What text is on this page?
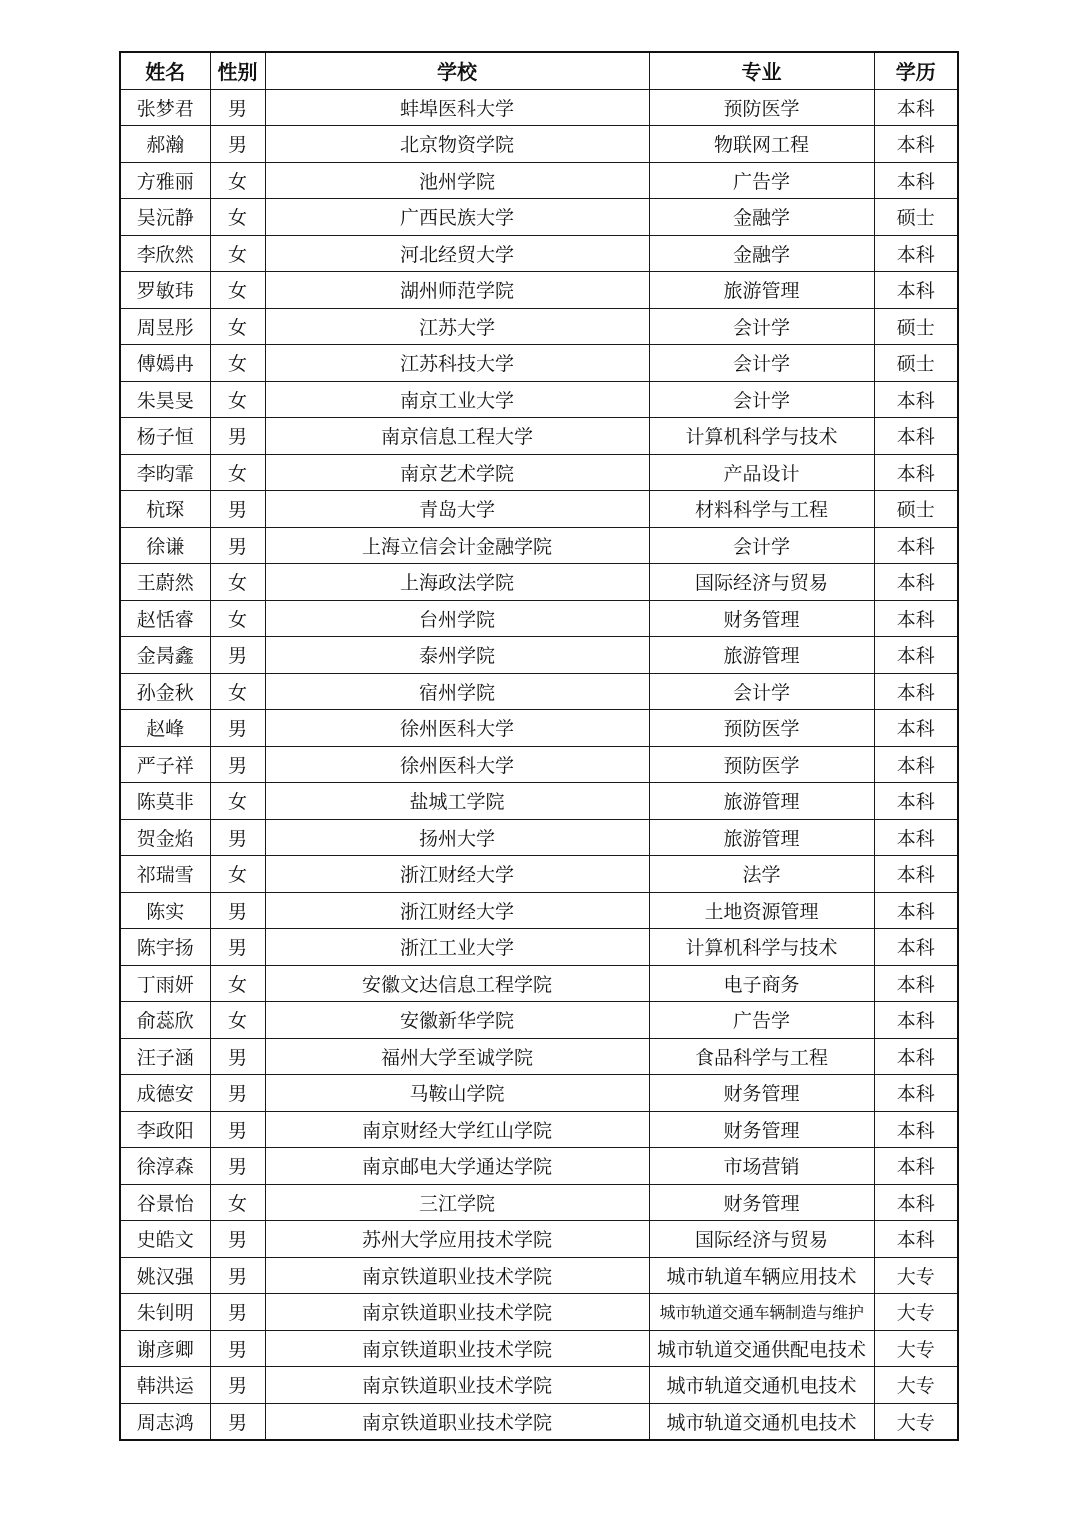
姓名	性别	学校	专业	学历
张梦君	男	蚌埠医科大学	预防医学	本科
郝瀚	男	北京物资学院	物联网工程	本科
方雅丽	女	池州学院	广告学	本科
吴沅静	女	广西民族大学	金融学	硕士
李欣然	女	河北经贸大学	金融学	本科
罗敏玮	女	湖州师范学院	旅游管理	本科
周昱彤	女	江苏大学	会计学	硕士
傅嫣冉	女	江苏科技大学	会计学	硕士
朱昊旻	女	南京工业大学	会计学	本科
杨子恒	男	南京信息工程大学	计算机科学与技术	本科
李昀霏	女	南京艺术学院	产品设计	本科
杭琛	男	青岛大学	材料科学与工程	硕士
徐谦	男	上海立信会计金融学院	会计学	本科
王蔚然	女	上海政法学院	国际经济与贸易	本科
赵恬睿	女	台州学院	财务管理	本科
金昺鑫	男	泰州学院	旅游管理	本科
孙金秋	女	宿州学院	会计学	本科
赵峰	男	徐州医科大学	预防医学	本科
严子祥	男	徐州医科大学	预防医学	本科
陈莫非	女	盐城工学院	旅游管理	本科
贺金焰	男	扬州大学	旅游管理	本科
祁瑞雪	女	浙江财经大学	法学	本科
陈实	男	浙江财经大学	土地资源管理	本科
陈宇扬	男	浙江工业大学	计算机科学与技术	本科
丁雨妍	女	安徽文达信息工程学院	电子商务	本科
俞蕊欣	女	安徽新华学院	广告学	本科
汪子涵	男	福州大学至诚学院	食品科学与工程	本科
成德安	男	马鞍山学院	财务管理	本科
李政阳	男	南京财经大学红山学院	财务管理	本科
徐淳森	男	南京邮电大学通达学院	市场营销	本科
谷景怡	女	三江学院	财务管理	本科
史皓文	男	苏州大学应用技术学院	国际经济与贸易	本科
姚汉强	男	南京铁道职业技术学院	城市轨道车辆应用技术	大专
朱钊明	男	南京铁道职业技术学院	城市轨道交通车辆制造与维护	大专
谢彦卿	男	南京铁道职业技术学院	城市轨道交通供配电技术	大专
韩洪运	男	南京铁道职业技术学院	城市轨道交通机电技术	大专
周志鸿	男	南京铁道职业技术学院	城市轨道交通机电技术	大专
